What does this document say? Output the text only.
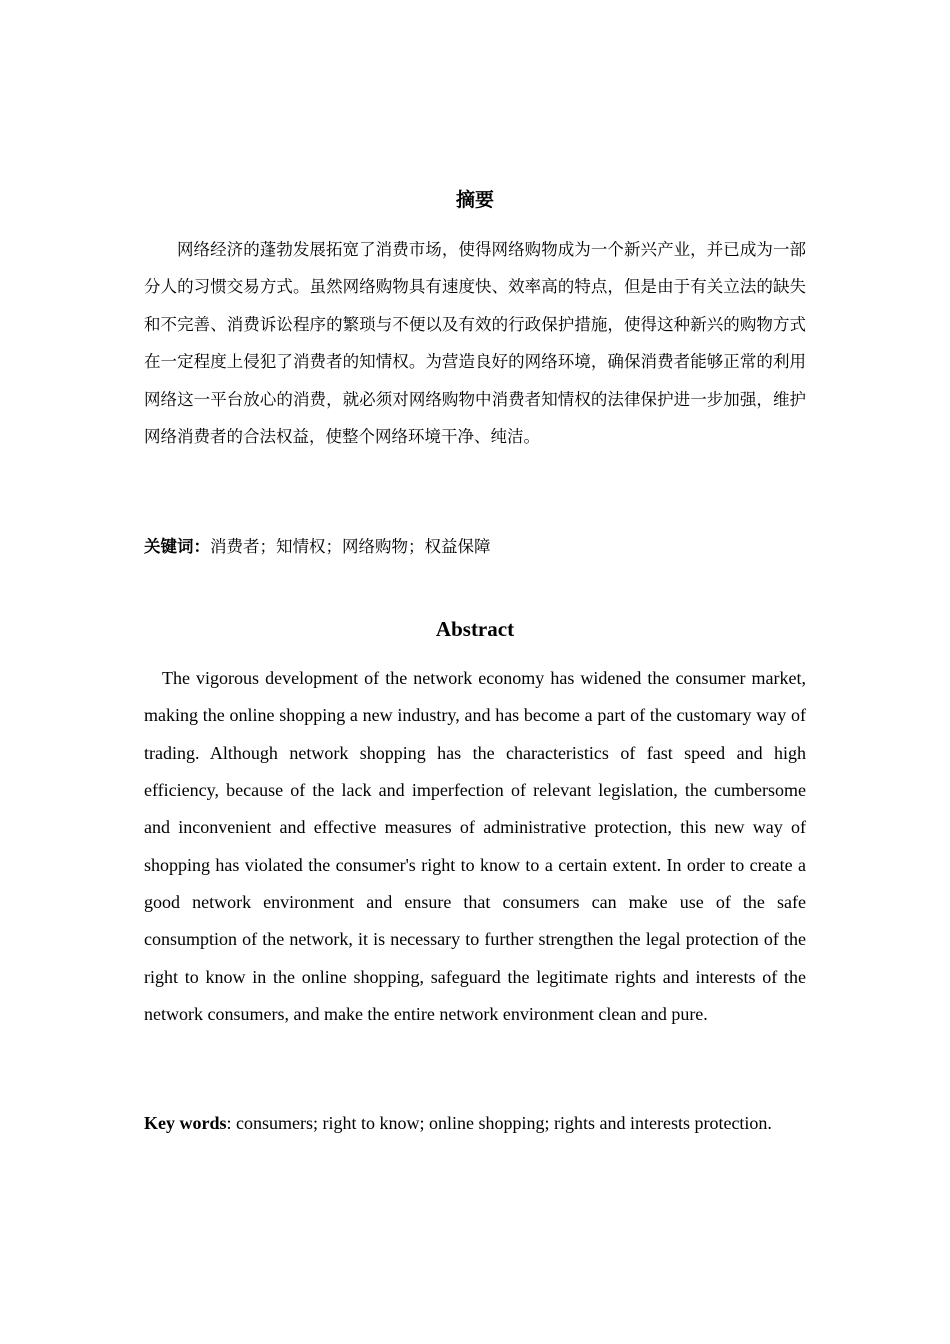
摘要

网络经济的蓬勃发展拓宽了消费市场，使得网络购物成为一个新兴产业，并已成为一部分人的习惯交易方式。虽然网络购物具有速度快、效率高的特点，但是由于有关立法的缺失和不完善、消费诉讼程序的繁琐与不便以及有效的行政保护措施，使得这种新兴的购物方式在一定程度上侵犯了消费者的知情权。为营造良好的网络环境，确保消费者能够正常的利用网络这一平台放心的消费，就必须对网络购物中消费者知情权的法律保护进一步加强，维护网络消费者的合法权益，使整个网络环境干净、纯洁。

关键词：消费者；知情权；网络购物；权益保障

Abstract

The vigorous development of the network economy has widened the consumer market, making the online shopping a new industry, and has become a part of the customary way of trading. Although network shopping has the characteristics of fast speed and high efficiency, because of the lack and imperfection of relevant legislation, the cumbersome and inconvenient and effective measures of administrative protection, this new way of shopping has violated the consumer's right to know to a certain extent. In order to create a good network environment and ensure that consumers can make use of the safe consumption of the network, it is necessary to further strengthen the legal protection of the right to know in the online shopping, safeguard the legitimate rights and interests of the network consumers, and make the entire network environment clean and pure.

Key words: consumers; right to know; online shopping; rights and interests protection.
